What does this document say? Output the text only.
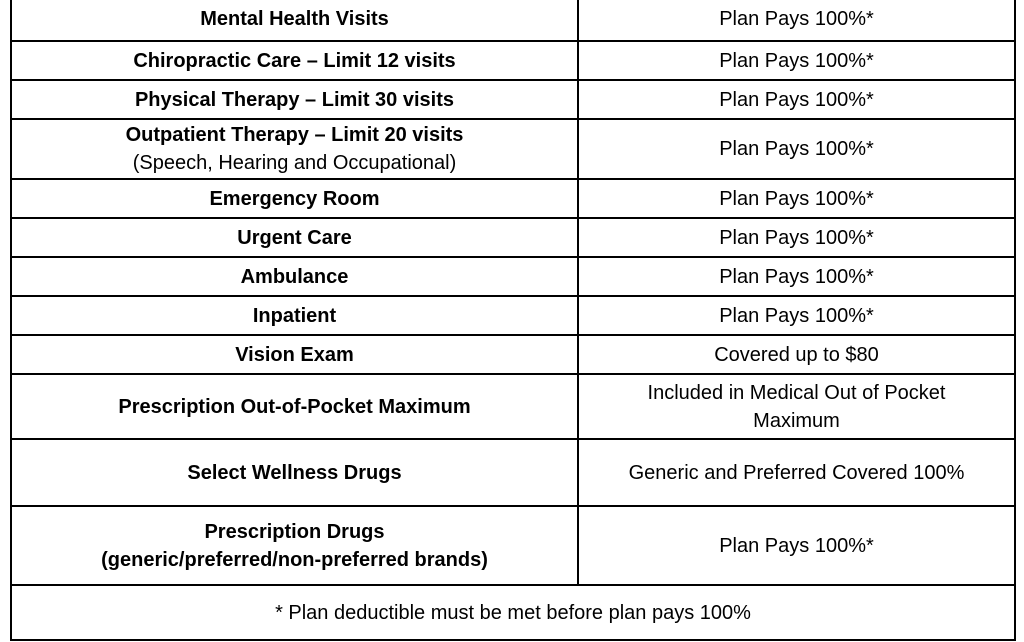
Mental Health Visits	Plan Pays 100%*

Chiropractic Care – Limit 12 visits	Plan Pays 100%*

Physical Therapy – Limit 30 visits	Plan Pays 100%*

Outpatient Therapy – Limit 20 visits
(Speech, Hearing and Occupational)	Plan Pays 100%*

Emergency Room	Plan Pays 100%*

Urgent Care	Plan Pays 100%*

Ambulance	Plan Pays 100%*

Inpatient	Plan Pays 100%*

Vision Exam	Covered up to $80

Prescription Out-of-Pocket Maximum	Included in Medical Out of Pocket Maximum

Select Wellness Drugs	Generic and Preferred Covered 100%

Prescription Drugs
(generic/preferred/non-preferred brands)	Plan Pays 100%*
* Plan deductible must be met before plan pays 100%	
